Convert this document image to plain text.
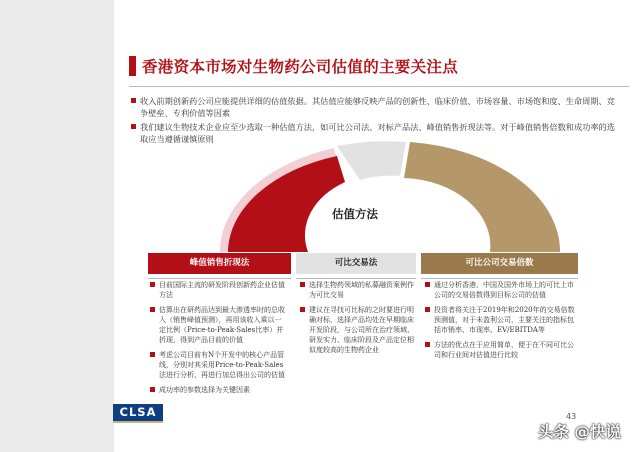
香港资本市场对生物药公司估值的主要关注点
收入前期创新药公司应能提供详细的估值依据。其估值应能够反映产品的创新性、临床价值、市场容量、市场饱和度、生命周期、竞争壁垒、专利价值等因素
我们建议生物技术企业应至少选取一种估值方法，如可比公司法、对标产品法、峰值销售折现法等。对于峰值销售倍数和成功率的选取应当遵循谨慎原则
估值方法
峰值销售折现法	可比交易法	可比公司交易倍数
目前国际主流的研发阶段创新药企业估值方法
估算出在研药品达到最大渗透率时的总收入（销售峰值预测），再用该收入乘以一定比例（Price-to-Peak-Sales比率）并折现，得到产品目前的价值
考虑公司目前有N个开发中的核心产品管线，分别对其采用Price-to-Peak-Sales法进行分析，再进行加总得出公司的估值
成功率的参数选择为关键因素
选择生物药领域的私募融资案例作为可比交易
建议在寻找可比标的之时要进行明确对标，选择产品均处在早期临床开发阶段，与公司所在治疗领域、研发实力、临床阶段及产品定位相似度较高的生物药企业
通过分析香港、中国及国外市场上的可比上市公司的交易倍数得到目标公司的估值
投资者将关注于2019年和2020年的交易倍数预测值，对于未盈利公司，主要关注的指标包括市销率、市现率、EV/EBITDA等
方法的优点在于应用简单，便于在不同可比公司和行业间对估值进行比较
CLSA	43
头条 @快说
